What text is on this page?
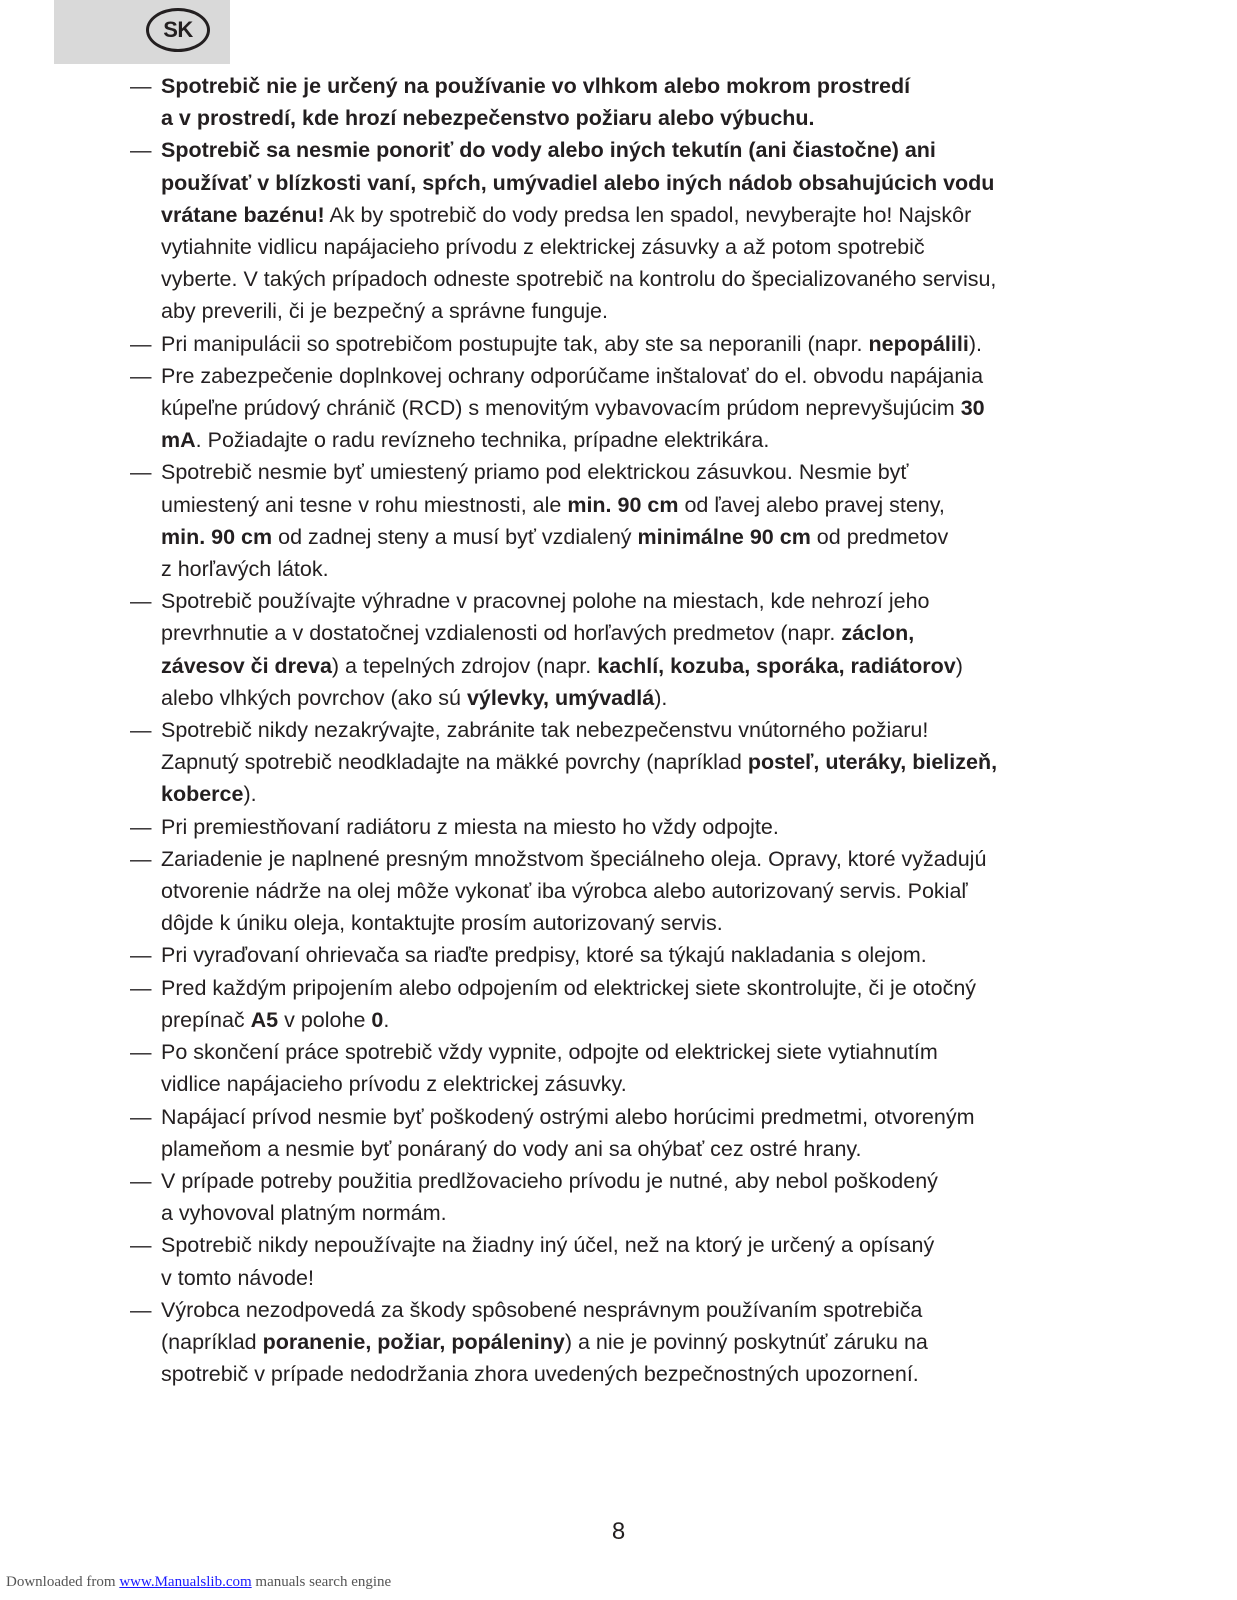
SK
— Spotrebič nie je určený na používanie vo vlhkom alebo mokrom prostredí
a v prostredí, kde hrozí nebezpečenstvo požiaru alebo výbuchu.
— Spotrebič sa nesmie ponoriť do vody alebo iných tekutín (ani čiastočne) ani
používať v blízkosti vaní, spŕch, umývadiel alebo iných nádob obsahujúcich vodu
vrátane bazénu! Ak by spotrebič do vody predsa len spadol, nevyberajte ho! Najskôr
vytiahnite vidlicu napájacieho prívodu z elektrickej zásuvky a až potom spotrebič
vyberte. V takých prípadoch odneste spotrebič na kontrolu do špecializovaného servisu,
aby preverili, či je bezpečný a správne funguje.
— Pri manipulácii so spotrebičom postupujte tak, aby ste sa neporanili (napr. nepopálili).
— Pre zabezpečenie doplnkovej ochrany odporúčame inštalovať do el. obvodu napájania
kúpeľne prúdový chránič (RCD) s menovitým vybavovacím prúdom neprevyšujúcim 30
mA. Požiadajte o radu revízneho technika, prípadne elektrikára.
— Spotrebič nesmie byť umiestený priamo pod elektrickou zásuvkou. Nesmie byť
umiestený ani tesne v rohu miestnosti, ale min. 90 cm od ľavej alebo pravej steny,
min. 90 cm od zadnej steny a musí byť vzdialený minimálne 90 cm od predmetov
z horľavých látok.
— Spotrebič používajte výhradne v pracovnej polohe na miestach, kde nehrozí jeho
prevrhnutie a v dostatočnej vzdialenosti od horľavých predmetov (napr. záclon,
závesov či dreva) a tepelných zdrojov (napr. kachlí, kozuba, sporáka, radiátorov)
alebo vlhkých povrchov (ako sú výlevky, umývadlá).
— Spotrebič nikdy nezakrývajte, zabránite tak nebezpečenstvu vnútorného požiaru!
Zapnutý spotrebič neodkladajte na mäkké povrchy (napríklad posteľ, uteráky, bielizeň,
koberce).
— Pri premiestňovaní radiátoru z miesta na miesto ho vždy odpojte.
— Zariadenie je naplnené presným množstvom špeciálneho oleja. Opravy, ktoré vyžadujú
otvorenie nádrže na olej môže vykonať iba výrobca alebo autorizovaný servis. Pokiaľ
dôjde k úniku oleja, kontaktujte prosím autorizovaný servis.
— Pri vyraďovaní ohrievača sa riaďte predpisy, ktoré sa týkajú nakladania s olejom.
— Pred každým pripojením alebo odpojením od elektrickej siete skontrolujte, či je otočný
prepínač A5 v polohe 0.
— Po skončení práce spotrebič vždy vypnite, odpojte od elektrickej siete vytiahnutím
vidlice napájacieho prívodu z elektrickej zásuvky.
— Napájací prívod nesmie byť poškodený ostrými alebo horúcimi predmetmi, otvoreným
plameňom a nesmie byť ponáraný do vody ani sa ohýbať cez ostré hrany.
— V prípade potreby použitia predlžovacieho prívodu je nutné, aby nebol poškodený
a vyhovoval platným normám.
— Spotrebič nikdy nepoužívajte na žiadny iný účel, než na ktorý je určený a opísaný
v tomto návode!
— Výrobca nezodpovedá za škody spôsobené nesprávnym používaním spotrebiča
(napríklad poranenie, požiar, popáleniny) a nie je povinný poskytnúť záruku na
spotrebič v prípade nedodržania zhora uvedených bezpečnostných upozornení.
8
Downloaded from www.Manualslib.com manuals search engine
